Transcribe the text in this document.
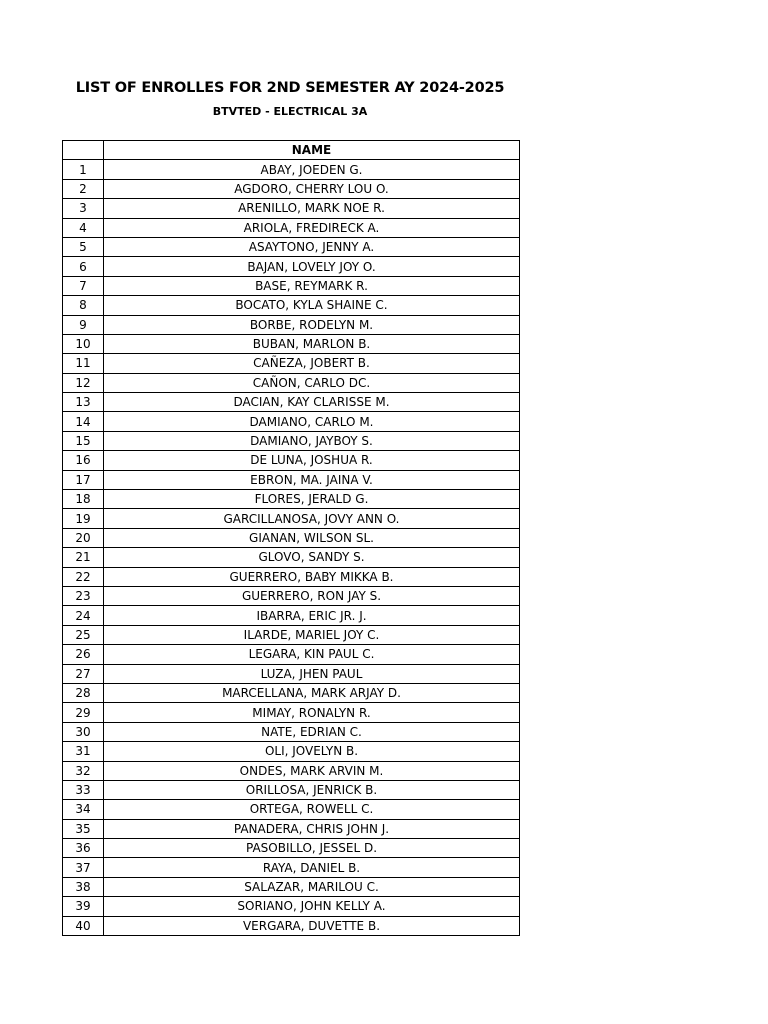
LIST OF ENROLLES FOR 2ND SEMESTER AY 2024-2025
BTVTED - ELECTRICAL 3A
	NAME
1	ABAY, JOEDEN G.
2	AGDORO, CHERRY LOU O.
3	ARENILLO, MARK NOE R.
4	ARIOLA, FREDIRECK A.
5	ASAYTONO, JENNY A.
6	BAJAN, LOVELY JOY O.
7	BASE, REYMARK R.
8	BOCATO, KYLA SHAINE C.
9	BORBE, RODELYN M.
10	BUBAN, MARLON B.
11	CAÑEZA, JOBERT B.
12	CAÑON, CARLO DC.
13	DACIAN, KAY CLARISSE M.
14	DAMIANO, CARLO M.
15	DAMIANO, JAYBOY S.
16	DE LUNA, JOSHUA R.
17	EBRON, MA. JAINA V.
18	FLORES, JERALD G.
19	GARCILLANOSA, JOVY ANN O.
20	GIANAN, WILSON SL.
21	GLOVO, SANDY S.
22	GUERRERO, BABY MIKKA B.
23	GUERRERO, RON JAY S.
24	IBARRA, ERIC JR. J.
25	ILARDE, MARIEL JOY C.
26	LEGARA, KIN PAUL C.
27	LUZA, JHEN PAUL
28	MARCELLANA, MARK ARJAY D.
29	MIMAY, RONALYN R.
30	NATE, EDRIAN C.
31	OLI, JOVELYN B.
32	ONDES, MARK ARVIN M.
33	ORILLOSA, JENRICK B.
34	ORTEGA, ROWELL C.
35	PANADERA, CHRIS JOHN J.
36	PASOBILLO, JESSEL D.
37	RAYA, DANIEL B.
38	SALAZAR, MARILOU C.
39	SORIANO, JOHN KELLY A.
40	VERGARA, DUVETTE B.
